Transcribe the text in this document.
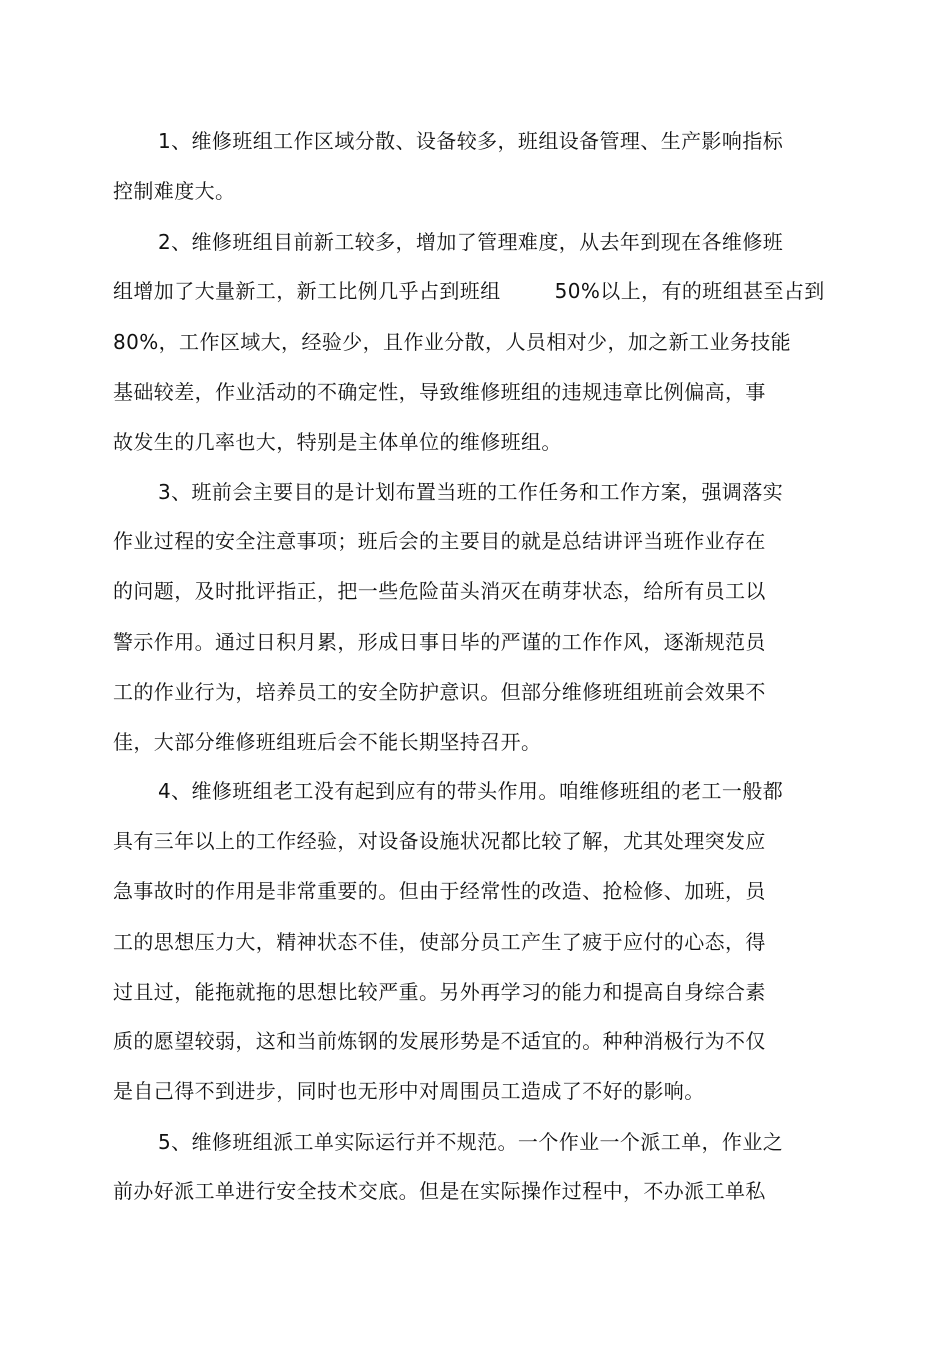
1、维修班组工作区域分散、设备较多，班组设备管理、生产影响指标
控制难度大。
2、维修班组目前新工较多，增加了管理难度，从去年到现在各维修班
组增加了大量新工，新工比例几乎占到班组        50%以上，有的班组甚至占到
80%，工作区域大，经验少，且作业分散，人员相对少，加之新工业务技能
基础较差，作业活动的不确定性，导致维修班组的违规违章比例偏高，事
故发生的几率也大，特别是主体单位的维修班组。
3、班前会主要目的是计划布置当班的工作任务和工作方案，强调落实
作业过程的安全注意事项；班后会的主要目的就是总结讲评当班作业存在
的问题，及时批评指正，把一些危险苗头消灭在萌芽状态，给所有员工以
警示作用。通过日积月累，形成日事日毕的严谨的工作作风，逐渐规范员
工的作业行为，培养员工的安全防护意识。但部分维修班组班前会效果不
佳，大部分维修班组班后会不能长期坚持召开。
4、维修班组老工没有起到应有的带头作用。咱维修班组的老工一般都
具有三年以上的工作经验，对设备设施状况都比较了解，尤其处理突发应
急事故时的作用是非常重要的。但由于经常性的改造、抢检修、加班，员
工的思想压力大，精神状态不佳，使部分员工产生了疲于应付的心态，得
过且过，能拖就拖的思想比较严重。另外再学习的能力和提高自身综合素
质的愿望较弱，这和当前炼钢的发展形势是不适宜的。种种消极行为不仅
是自己得不到进步，同时也无形中对周围员工造成了不好的影响。
5、维修班组派工单实际运行并不规范。一个作业一个派工单，作业之
前办好派工单进行安全技术交底。但是在实际操作过程中，不办派工单私
